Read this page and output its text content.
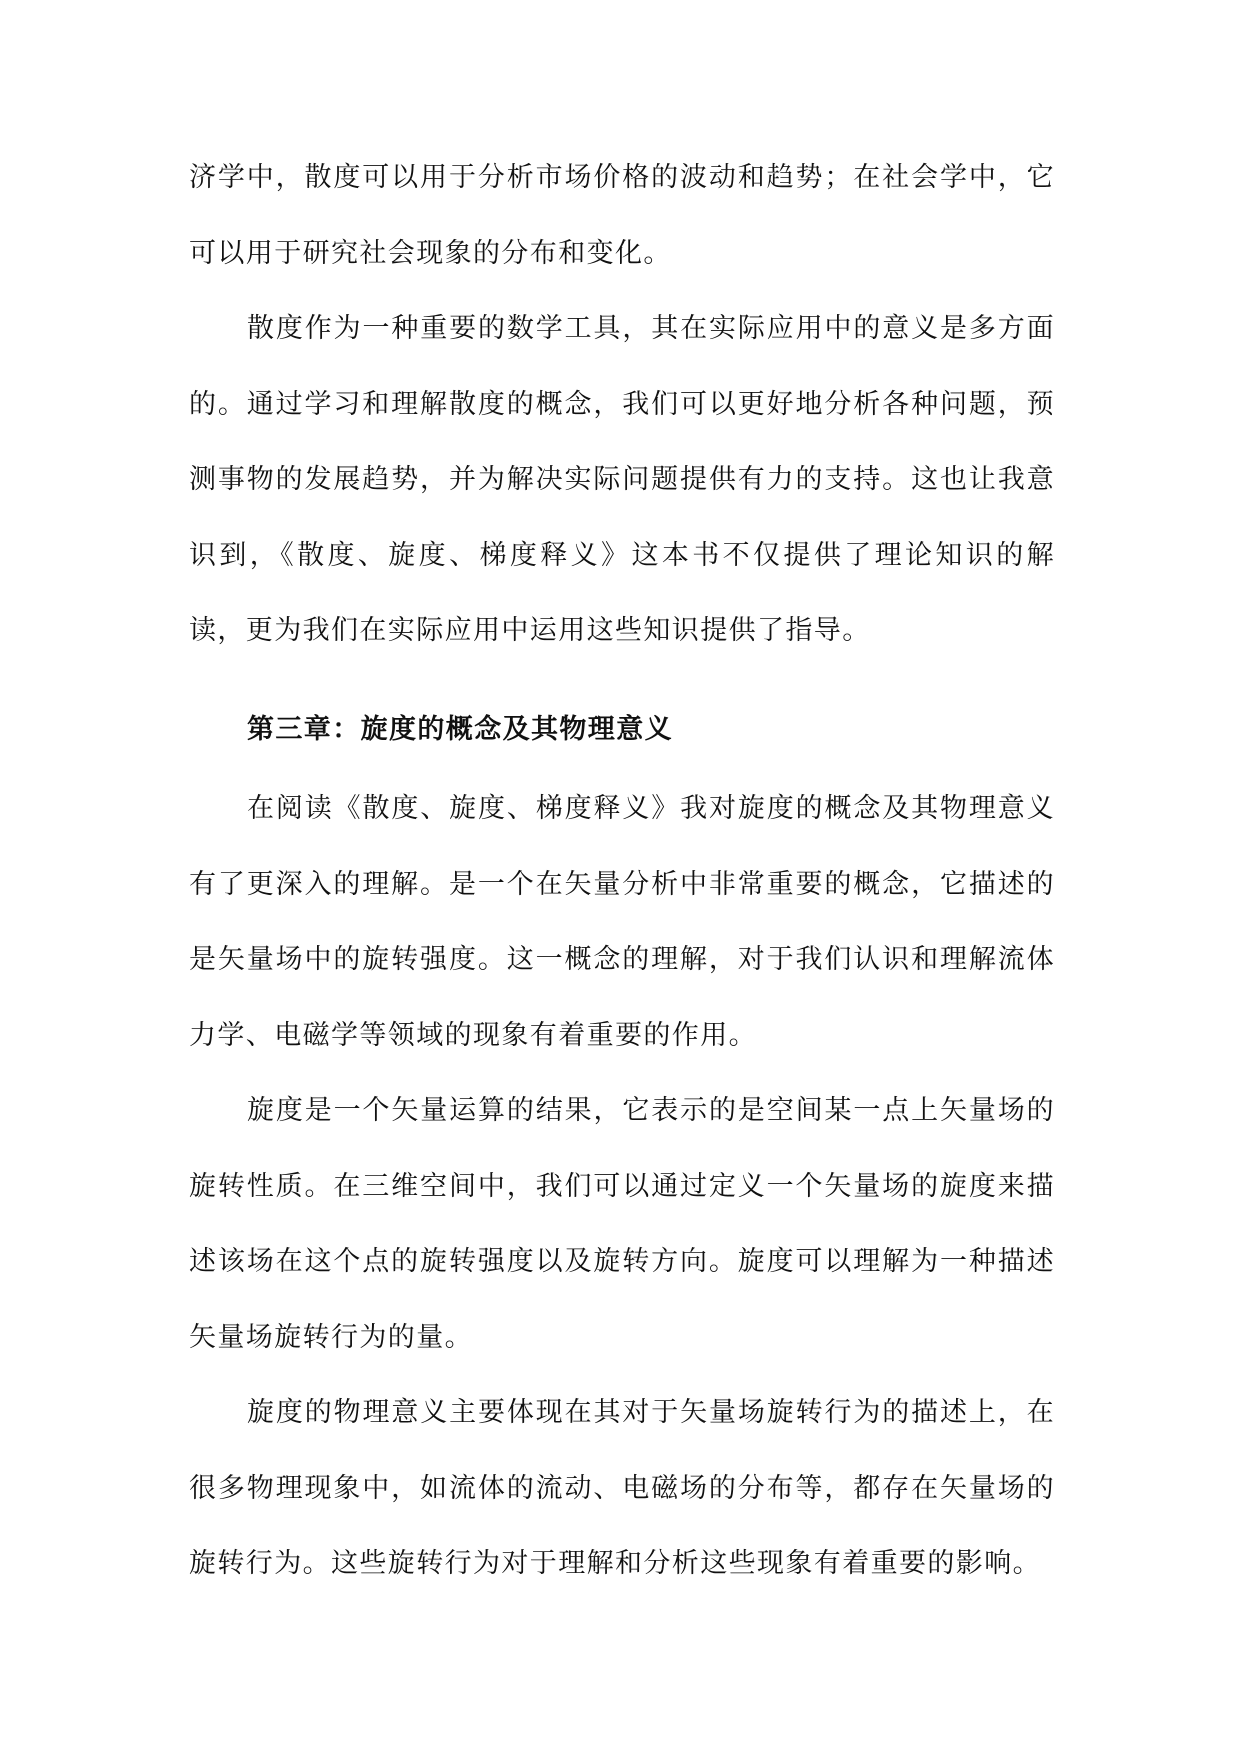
济学中，散度可以用于分析市场价格的波动和趋势；在社会学中，它可以用于研究社会现象的分布和变化。

散度作为一种重要的数学工具，其在实际应用中的意义是多方面的。通过学习和理解散度的概念，我们可以更好地分析各种问题，预测事物的发展趋势，并为解决实际问题提供有力的支持。这也让我意识到，《散度、旋度、梯度释义》这本书不仅提供了理论知识的解读，更为我们在实际应用中运用这些知识提供了指导。

第三章：旋度的概念及其物理意义

在阅读《散度、旋度、梯度释义》我对旋度的概念及其物理意义有了更深入的理解。是一个在矢量分析中非常重要的概念，它描述的是矢量场中的旋转强度。这一概念的理解，对于我们认识和理解流体力学、电磁学等领域的现象有着重要的作用。

旋度是一个矢量运算的结果，它表示的是空间某一点上矢量场的旋转性质。在三维空间中，我们可以通过定义一个矢量场的旋度来描述该场在这个点的旋转强度以及旋转方向。旋度可以理解为一种描述矢量场旋转行为的量。

旋度的物理意义主要体现在其对于矢量场旋转行为的描述上，在很多物理现象中，如流体的流动、电磁场的分布等，都存在矢量场的旋转行为。这些旋转行为对于理解和分析这些现象有着重要的影响。
